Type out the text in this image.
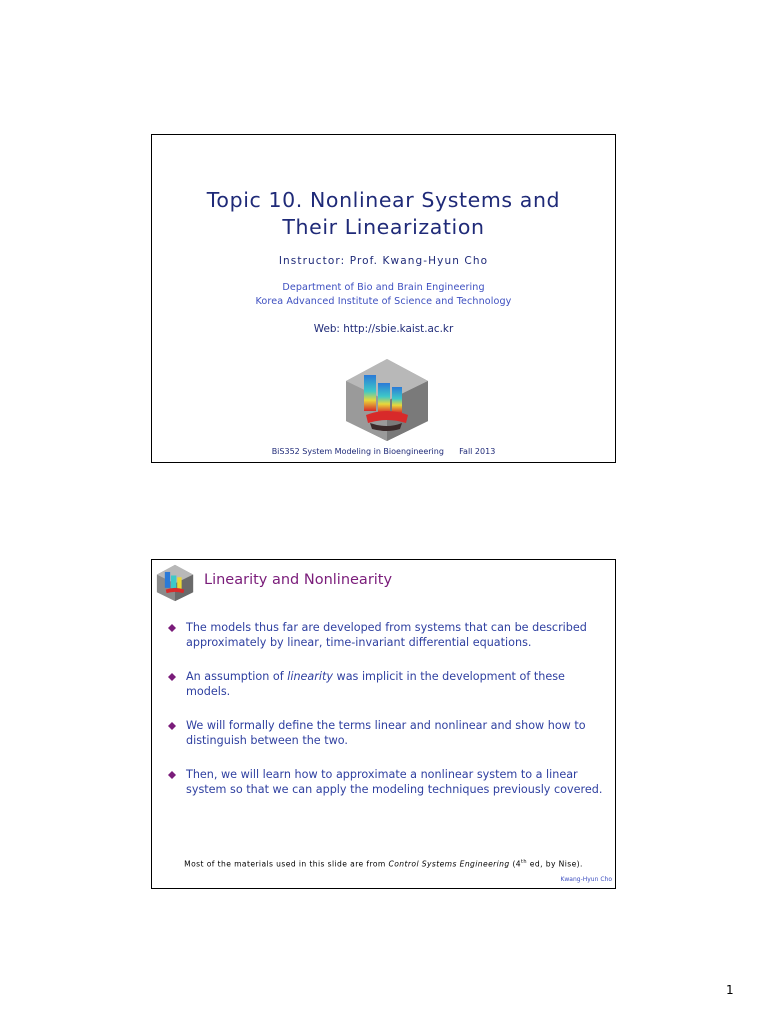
Topic 10. Nonlinear Systems and
Their Linearization
Instructor: Prof. Kwang-Hyun Cho
Department of Bio and Brain Engineering
Korea Advanced Institute of Science and Technology
Web: http://sbie.kaist.ac.kr
BiS352 System Modeling in Bioengineering Fall 2013
Linearity and Nonlinearity
The models thus far are developed from systems that can be described approximately by linear, time-invariant differential equations.
An assumption of linearity was implicit in the development of these models.
We will formally define the terms linear and nonlinear and show how to distinguish between the two.
Then, we will learn how to approximate a nonlinear system to a linear system so that we can apply the modeling techniques previously covered.
Most of the materials used in this slide are from Control Systems Engineering (4th ed, by Nise).
Kwang-Hyun Cho
1
